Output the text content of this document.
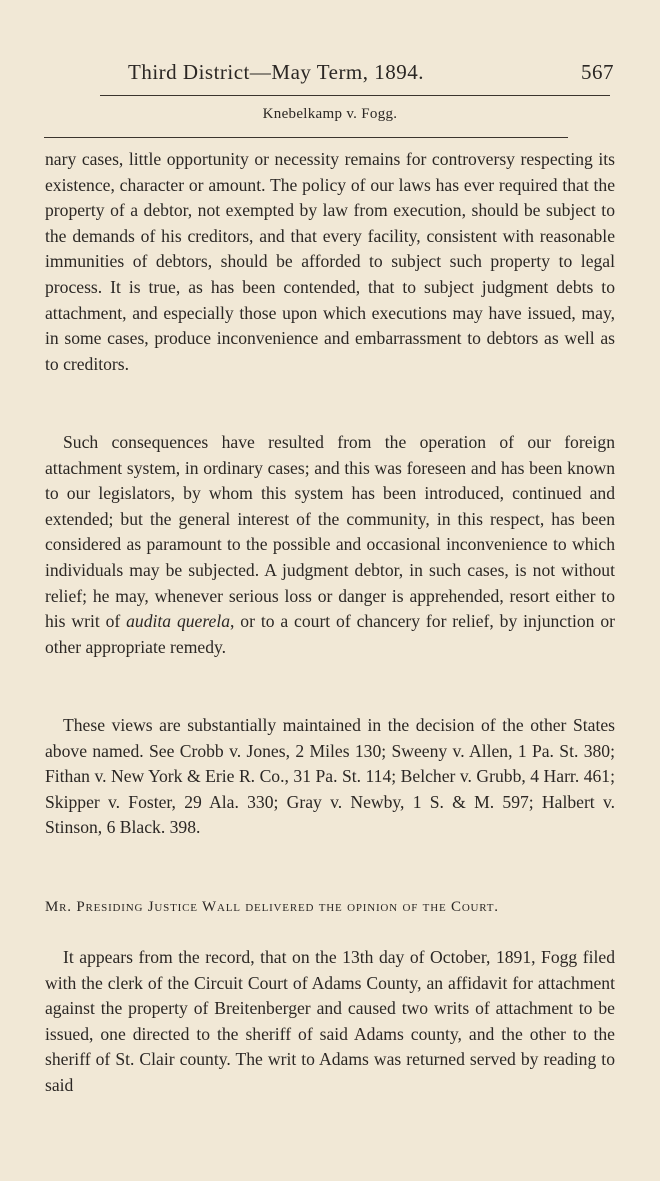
Third District—May Term, 1894.	567
Knebelkamp v. Fogg.

nary cases, little opportunity or necessity remains for controversy respecting its existence, character or amount. The policy of our laws has ever required that the property of a debtor, not exempted by law from execution, should be subject to the demands of his creditors, and that every facility, consistent with reasonable immunities of debtors, should be afforded to subject such property to legal process. It is true, as has been contended, that to subject judgment debts to attachment, and especially those upon which executions may have issued, may, in some cases, produce inconvenience and embarrassment to debtors as well as to creditors.

Such consequences have resulted from the operation of our foreign attachment system, in ordinary cases; and this was foreseen and has been known to our legislators, by whom this system has been introduced, continued and extended; but the general interest of the community, in this respect, has been considered as paramount to the possible and occasional inconvenience to which individuals may be subjected. A judgment debtor, in such cases, is not without relief; he may, whenever serious loss or danger is apprehended, resort either to his writ of audita querela, or to a court of chancery for relief, by injunction or other appropriate remedy.

These views are substantially maintained in the decision of the other States above named. See Crobb v. Jones, 2 Miles 130; Sweeny v. Allen, 1 Pa. St. 380; Fithan v. New York & Erie R. Co., 31 Pa. St. 114; Belcher v. Grubb, 4 Harr. 461; Skipper v. Foster, 29 Ala. 330; Gray v. Newby, 1 S. & M. 597; Halbert v. Stinson, 6 Black. 398.

Mr. Presiding Justice Wall delivered the opinion of the Court.

It appears from the record, that on the 13th day of October, 1891, Fogg filed with the clerk of the Circuit Court of Adams County, an affidavit for attachment against the property of Breitenberger and caused two writs of attachment to be issued, one directed to the sheriff of said Adams county, and the other to the sheriff of St. Clair county. The writ to Adams was returned served by reading to said
